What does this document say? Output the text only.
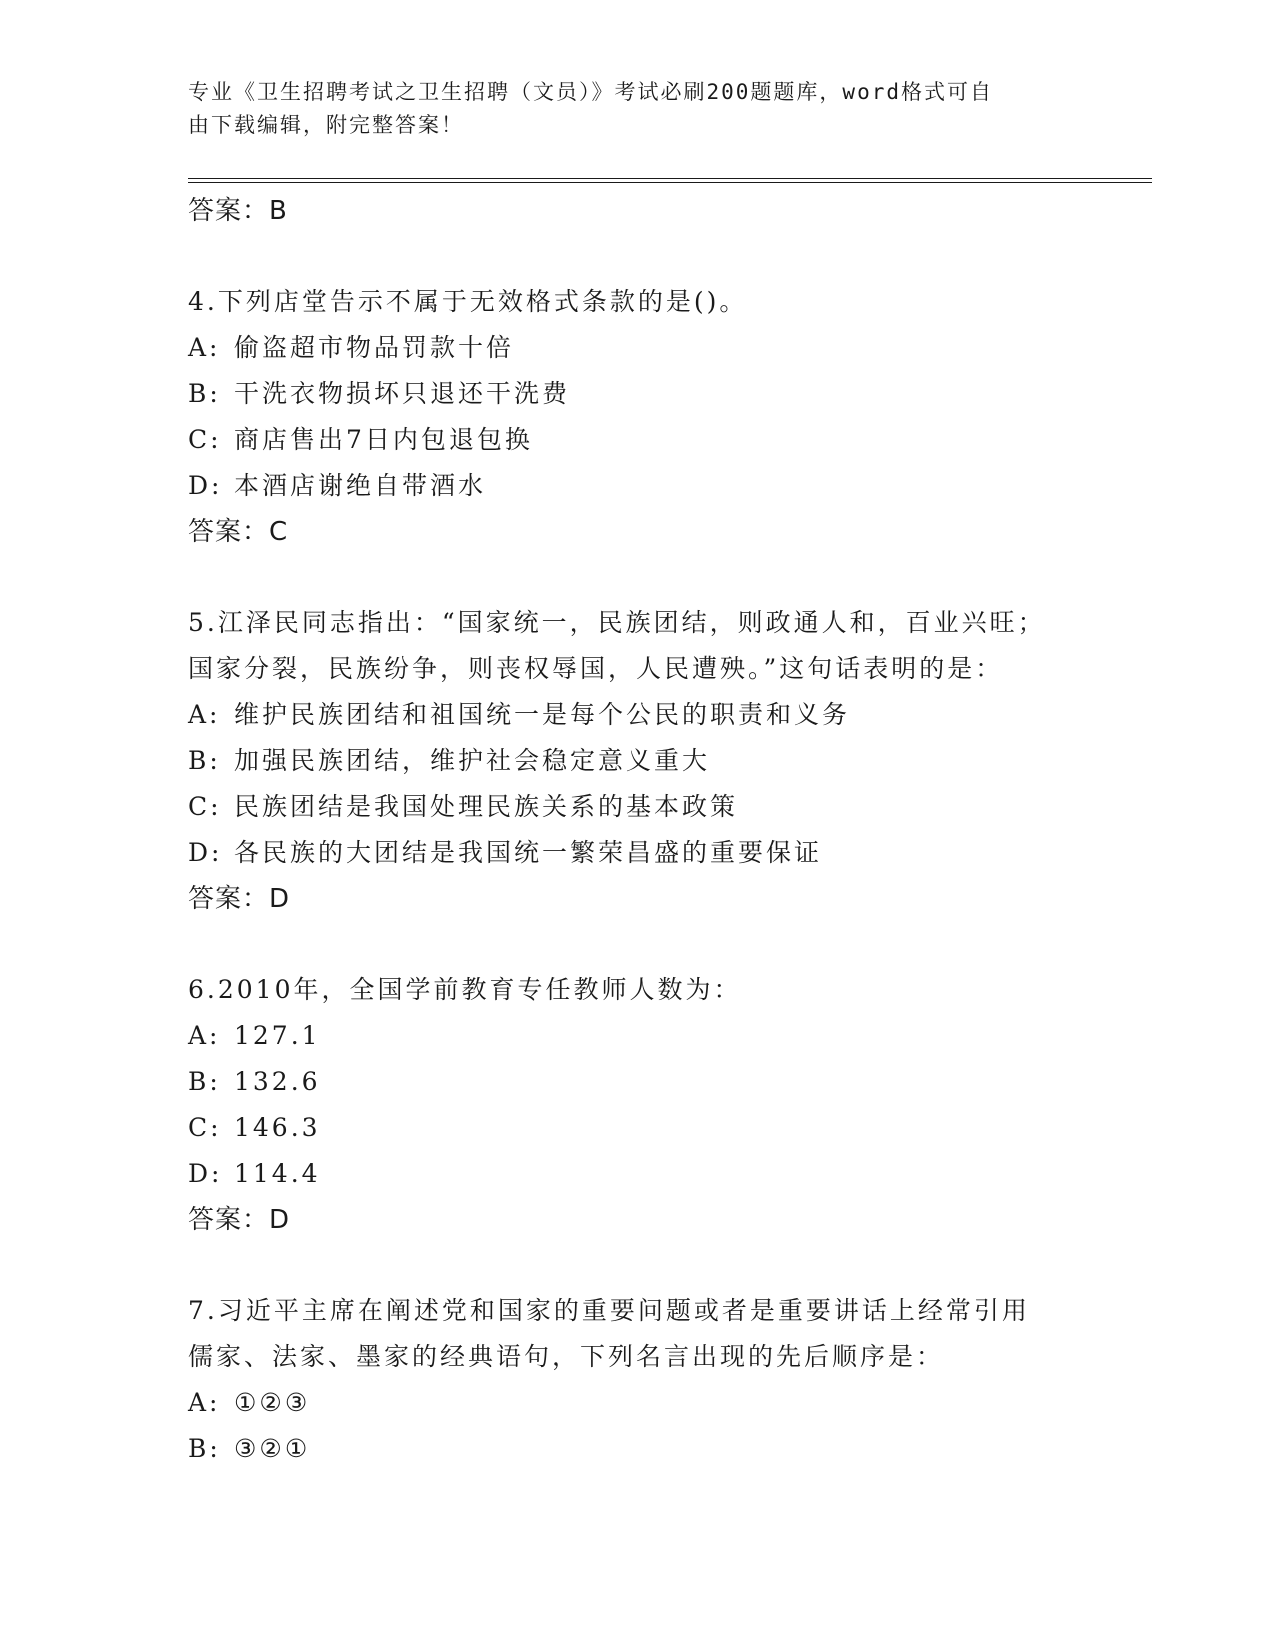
专业《卫生招聘考试之卫生招聘（文员）》考试必刷200题题库，word格式可自
由下载编辑，附完整答案！
答案：B
4.下列店堂告示不属于无效格式条款的是()。
A: 偷盗超市物品罚款十倍
B: 干洗衣物损坏只退还干洗费
C: 商店售出7日内包退包换
D: 本酒店谢绝自带酒水
答案：C
5.江泽民同志指出：“国家统一，民族团结，则政通人和，百业兴旺；
国家分裂，民族纷争，则丧权辱国，人民遭殃。”这句话表明的是：
A: 维护民族团结和祖国统一是每个公民的职责和义务
B: 加强民族团结，维护社会稳定意义重大
C: 民族团结是我国处理民族关系的基本政策
D: 各民族的大团结是我国统一繁荣昌盛的重要保证
答案：D
6.2010年，全国学前教育专任教师人数为：
A: 127.1
B: 132.6
C: 146.3
D: 114.4
答案：D
7.习近平主席在阐述党和国家的重要问题或者是重要讲话上经常引用
儒家、法家、墨家的经典语句，下列名言出现的先后顺序是：
A: ①②③
B: ③②①
